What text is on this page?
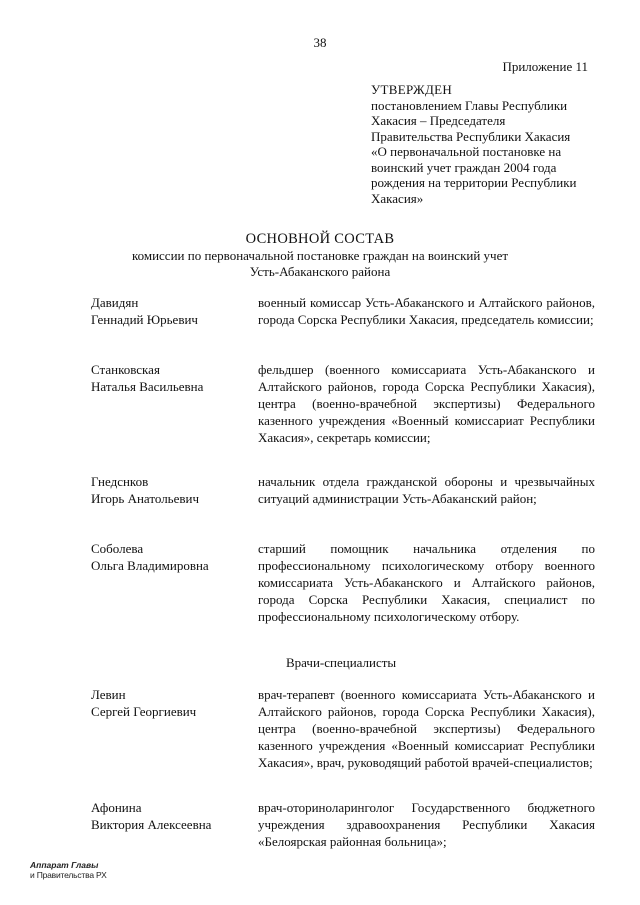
38
Приложение 11
УТВЕРЖДЕН
постановлением Главы Республики
Хакасия – Председателя
Правительства Республики Хакасия
«О первоначальной постановке на
воинский учет граждан 2004 года
рождения на территории Республики
Хакасия»
ОСНОВНОЙ СОСТАВ
комиссии по первоначальной постановке граждан на воинский учет
Усть-Абаканского района
Давидян
Геннадий Юрьевич
военный комиссар Усть-Абаканского и Алтайского районов, города Сорска Республики Хакасия, председатель комиссии;
Станковская
Наталья Васильевна
фельдшер (военного комиссариата Усть-Абаканского и Алтайского районов, города Сорска Республики Хакасия), центра (военно-врачебной экспертизы) Федерального казенного учреждения «Военный комиссариат Республики Хакасия», секретарь комиссии;
Гнедснков
Игорь Анатольевич
начальник отдела гражданской обороны и чрезвычайных ситуаций администрации Усть-Абаканский район;
Соболева
Ольга Владимировна
старший помощник начальника отделения по профессиональному психологическому отбору военного комиссариата Усть-Абаканского и Алтайского районов, города Сорска Республики Хакасия, специалист по профессиональному психологическому отбору.
Врачи-специалисты
Левин
Сергей Георгиевич
врач-терапевт (военного комиссариата Усть-Абаканского и Алтайского районов, города Сорска Республики Хакасия), центра (военно-врачебной экспертизы) Федерального казенного учреждения «Военный комиссариат Республики Хакасия», врач, руководящий работой врачей-специалистов;
Афонина
Виктория Алексеевна
врач-оториноларинголог Государственного бюджетного учреждения здравоохранения Республики Хакасия «Белоярская районная больница»;
Аппарат Главы
и Правительства РХ
